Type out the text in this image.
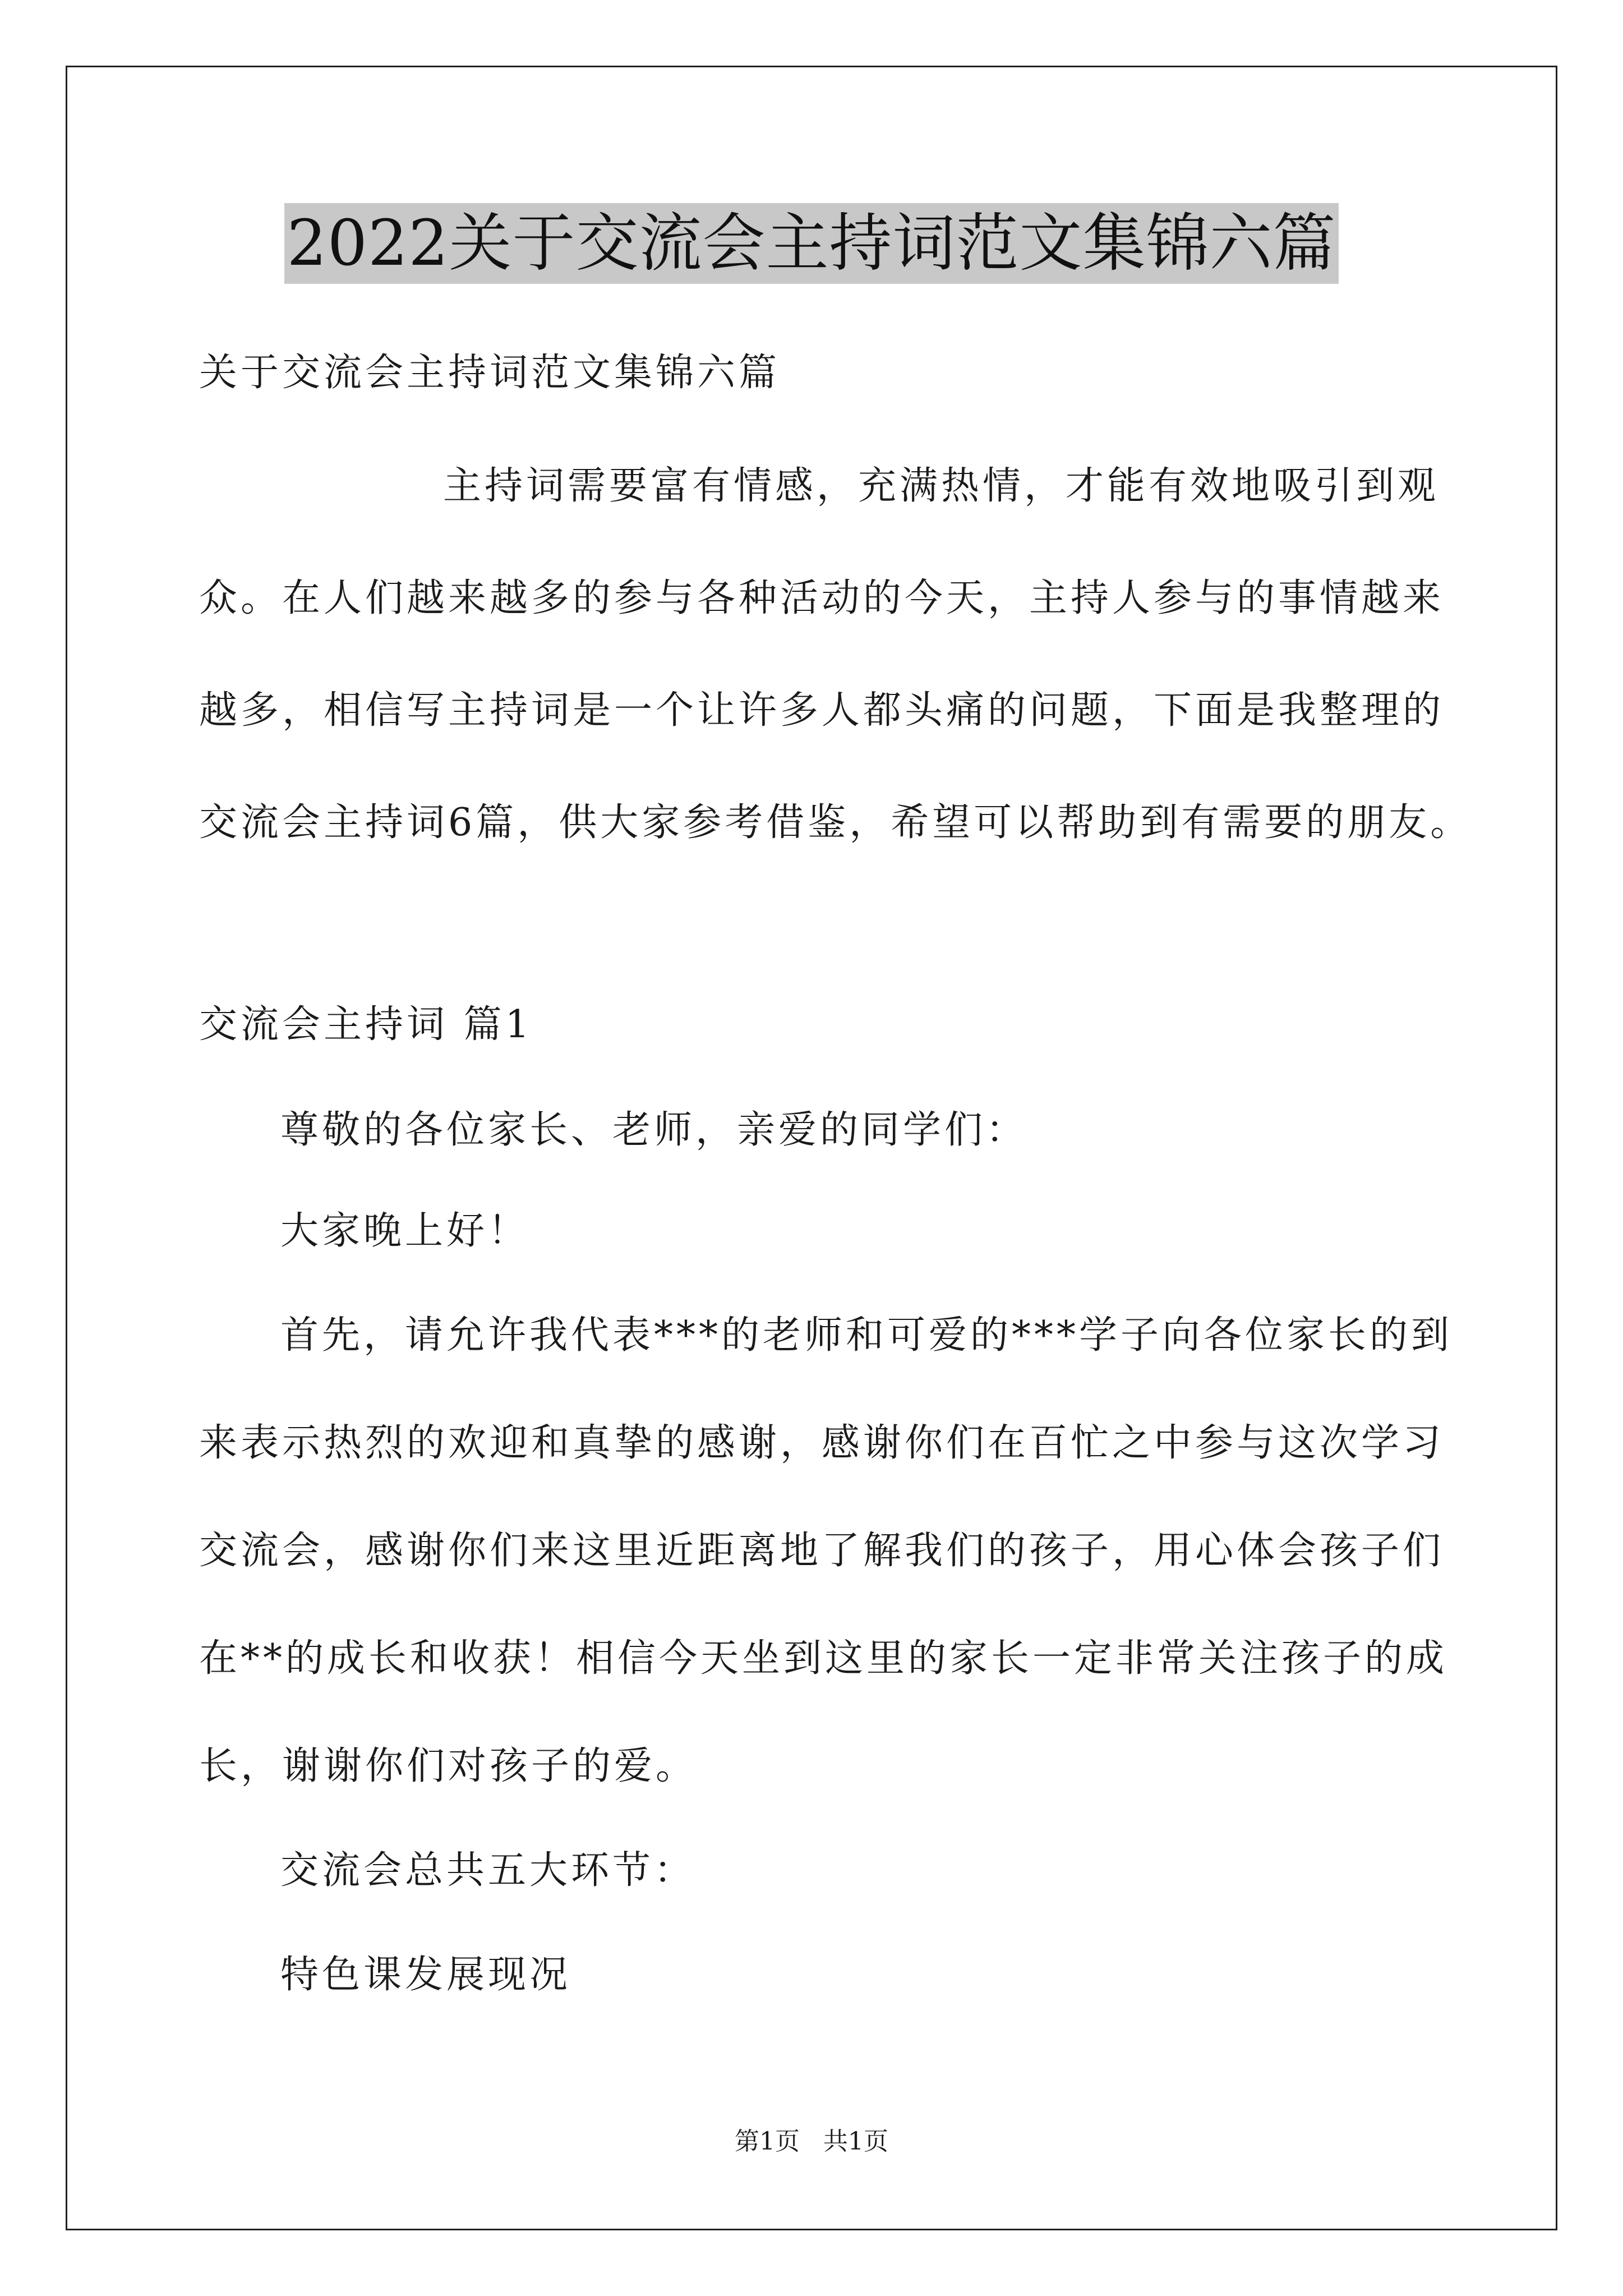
2022关于交流会主持词范文集锦六篇
关于交流会主持词范文集锦六篇
主持词需要富有情感，充满热情，才能有效地吸引到观
众。在人们越来越多的参与各种活动的今天，主持人参与的事情越来
越多，相信写主持词是一个让许多人都头痛的问题，下面是我整理的
交流会主持词6篇，供大家参考借鉴，希望可以帮助到有需要的朋友。
交流会主持词 篇1
尊敬的各位家长、老师，亲爱的同学们：
大家晚上好！
首先，请允许我代表***的老师和可爱的***学子向各位家长的到
来表示热烈的欢迎和真挚的感谢，感谢你们在百忙之中参与这次学习
交流会，感谢你们来这里近距离地了解我们的孩子，用心体会孩子们
在**的成长和收获！相信今天坐到这里的家长一定非常关注孩子的成
长，谢谢你们对孩子的爱。
交流会总共五大环节：
特色课发展现况
第1页   共1页
